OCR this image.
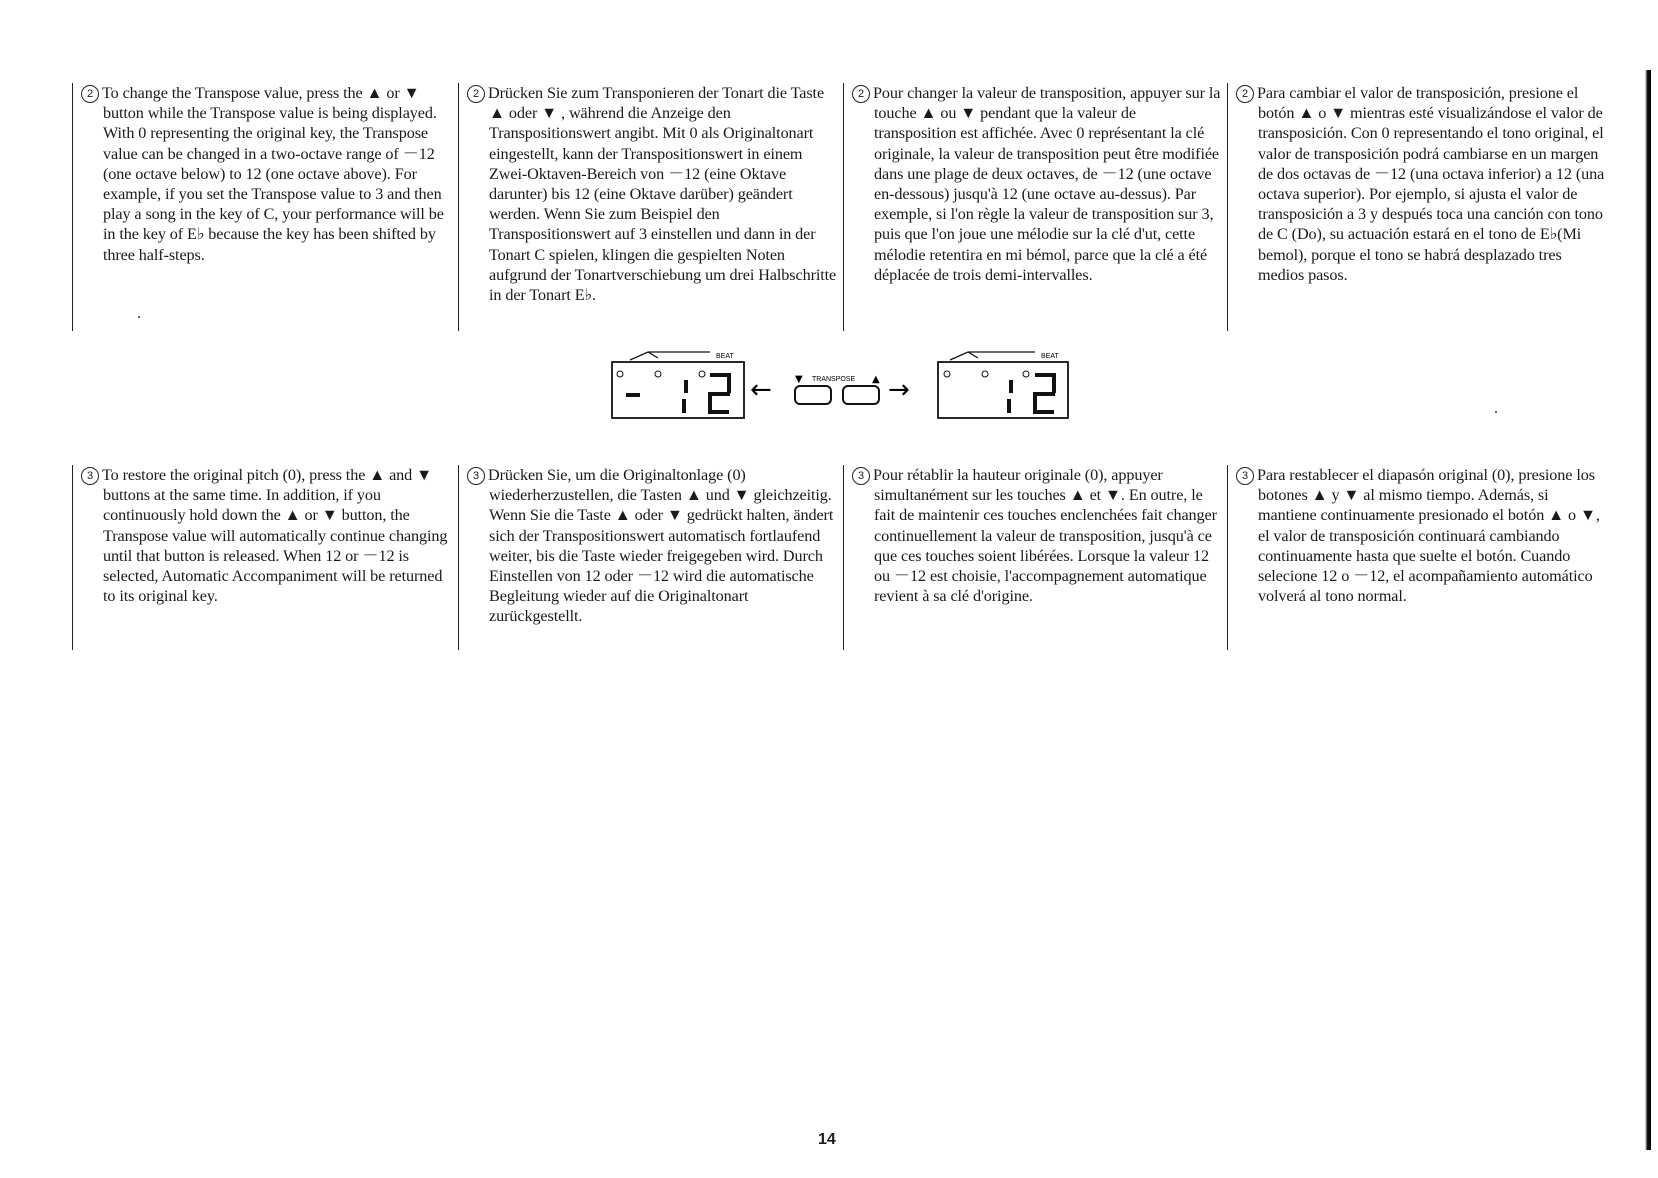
2 To change the Transpose value, press the ▲ or ▼ button while the Transpose value is being displayed. With 0 representing the original key, the Transpose value can be changed in a two-octave range of －12 (one octave below) to 12 (one octave above). For example, if you set the Transpose value to 3 and then play a song in the key of C, your performance will be in the key of E♭ because the key has been shifted by three half-steps.

2 Drücken Sie zum Transponieren der Tonart die Taste ▲ oder ▼ , während die Anzeige den Transpositionswert angibt. Mit 0 als Originaltonart eingestellt, kann der Transpositionswert in einem Zwei-Oktaven-Bereich von －12 (eine Oktave darunter) bis 12 (eine Oktave darüber) geändert werden. Wenn Sie zum Beispiel den Transpositionswert auf 3 einstellen und dann in der Tonart C spielen, klingen die gespielten Noten aufgrund der Tonartverschiebung um drei Halbschritte in der Tonart E♭.

2 Pour changer la valeur de transposition, appuyer sur la touche ▲ ou ▼ pendant que la valeur de transposition est affichée. Avec 0 représentant la clé originale, la valeur de transposition peut être modifiée dans une plage de deux octaves, de －12 (une octave en-dessous) jusqu'à 12 (une octave au-dessus). Par exemple, si l'on règle la valeur de transposition sur 3, puis que l'on joue une mélodie sur la clé d'ut, cette mélodie retentira en mi bémol, parce que la clé a été déplacée de trois demi-intervalles.

2 Para cambiar el valor de transposición, presione el botón ▲ o ▼ mientras esté visualizándose el valor de transposición. Con 0 representando el tono original, el valor de transposición podrá cambiarse en un margen de dos octavas de －12 (una octava inferior) a 12 (una octava superior). Por ejemplo, si ajusta el valor de transposición a 3 y después toca una canción con tono de C (Do), su actuación estará en el tono de E♭(Mi bemol), porque el tono se habrá desplazado tres medios pasos.

BEAT
← ▼ TRANSPOSE ▲ →
BEAT

3 To restore the original pitch (0), press the ▲ and ▼ buttons at the same time. In addition, if you continuously hold down the ▲ or ▼ button, the Transpose value will automatically continue changing until that button is released. When 12 or －12 is selected, Automatic Accompaniment will be returned to its original key.

3 Drücken Sie, um die Originaltonlage (0) wiederherzustellen, die Tasten ▲ und ▼ gleichzeitig. Wenn Sie die Taste ▲ oder ▼ gedrückt halten, ändert sich der Transpositionswert automatisch fortlaufend weiter, bis die Taste wieder freigegeben wird. Durch Einstellen von 12 oder －12 wird die automatische Begleitung wieder auf die Originaltonart zurückgestellt.

3 Pour rétablir la hauteur originale (0), appuyer simultanément sur les touches ▲ et ▼. En outre, le fait de maintenir ces touches enclenchées fait changer continuellement la valeur de transposition, jusqu'à ce que ces touches soient libérées. Lorsque la valeur 12 ou －12 est choisie, l'accompagnement automatique revient à sa clé d'origine.

3 Para restablecer el diapasón original (0), presione los botones ▲ y ▼ al mismo tiempo. Además, si mantiene continuamente presionado el botón ▲ o ▼, el valor de transposición continuará cambiando continuamente hasta que suelte el botón. Cuando selecione 12 o －12, el acompañamiento automático volverá al tono normal.

14
